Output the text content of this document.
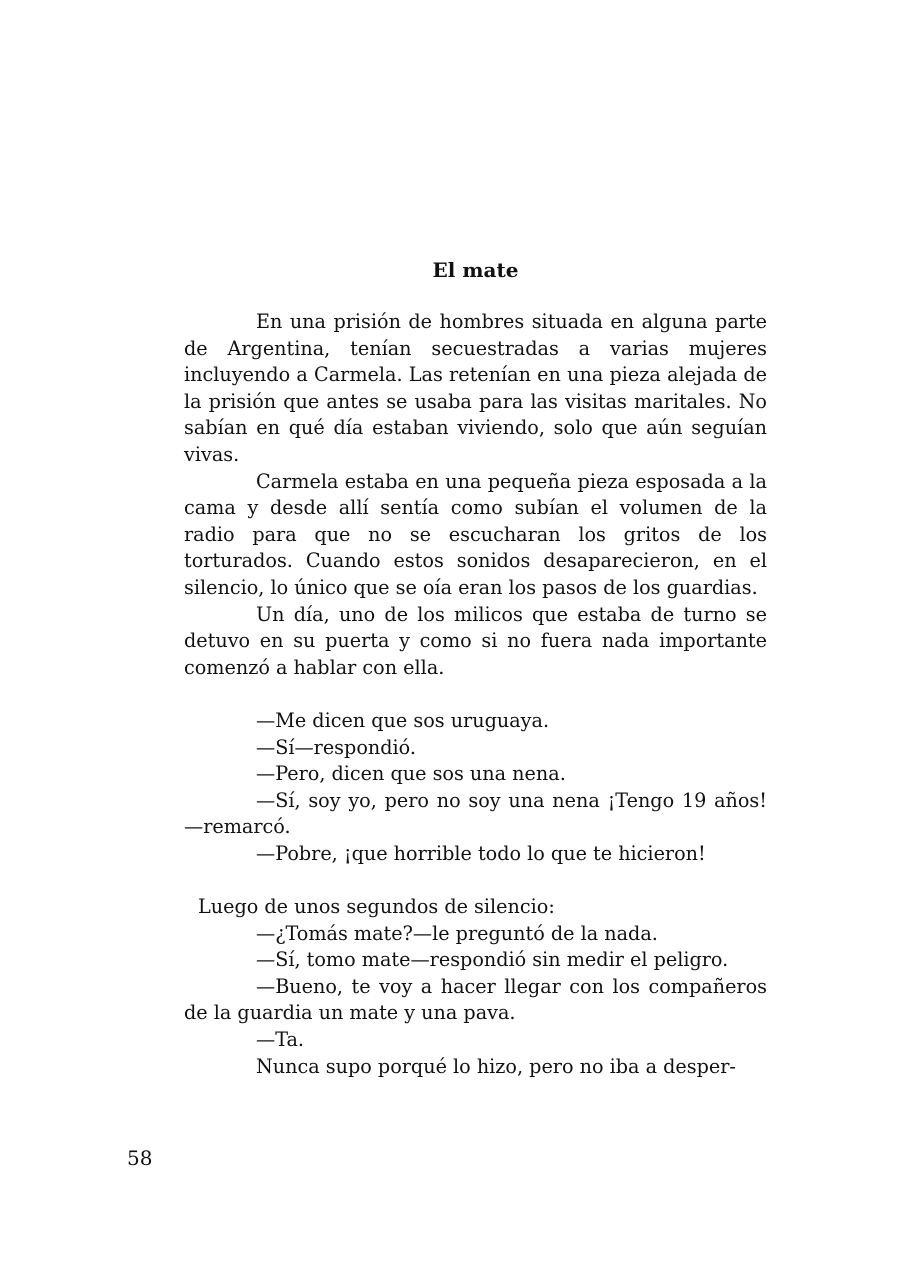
El mate

En una prisión de hombres situada en alguna parte de Argentina, tenían secuestradas a varias mujeres incluyendo a Carmela. Las retenían en una pieza alejada de la prisión que antes se usaba para las visitas maritales. No sabían en qué día estaban viviendo, solo que aún seguían vivas.

Carmela estaba en una pequeña pieza esposada a la cama y desde allí sentía como subían el volumen de la radio para que no se escucharan los gritos de los torturados. Cuando estos sonidos desaparecieron, en el silencio, lo único que se oía eran los pasos de los guardias.

Un día, uno de los milicos que estaba de turno se detuvo en su puerta y como si no fuera nada importante comenzó a hablar con ella.

—Me dicen que sos uruguaya.

—Sí—respondió.

—Pero, dicen que sos una nena.

—Sí, soy yo, pero no soy una nena ¡Tengo 19 años! —remarcó.

—Pobre, ¡que horrible todo lo que te hicieron!

Luego de unos segundos de silencio:

—¿Tomás mate?—le preguntó de la nada.

—Sí, tomo mate—respondió sin medir el peligro.

—Bueno, te voy a hacer llegar con los compañeros de la guardia un mate y una pava.

—Ta.

Nunca supo porqué lo hizo, pero no iba a desper-

58
